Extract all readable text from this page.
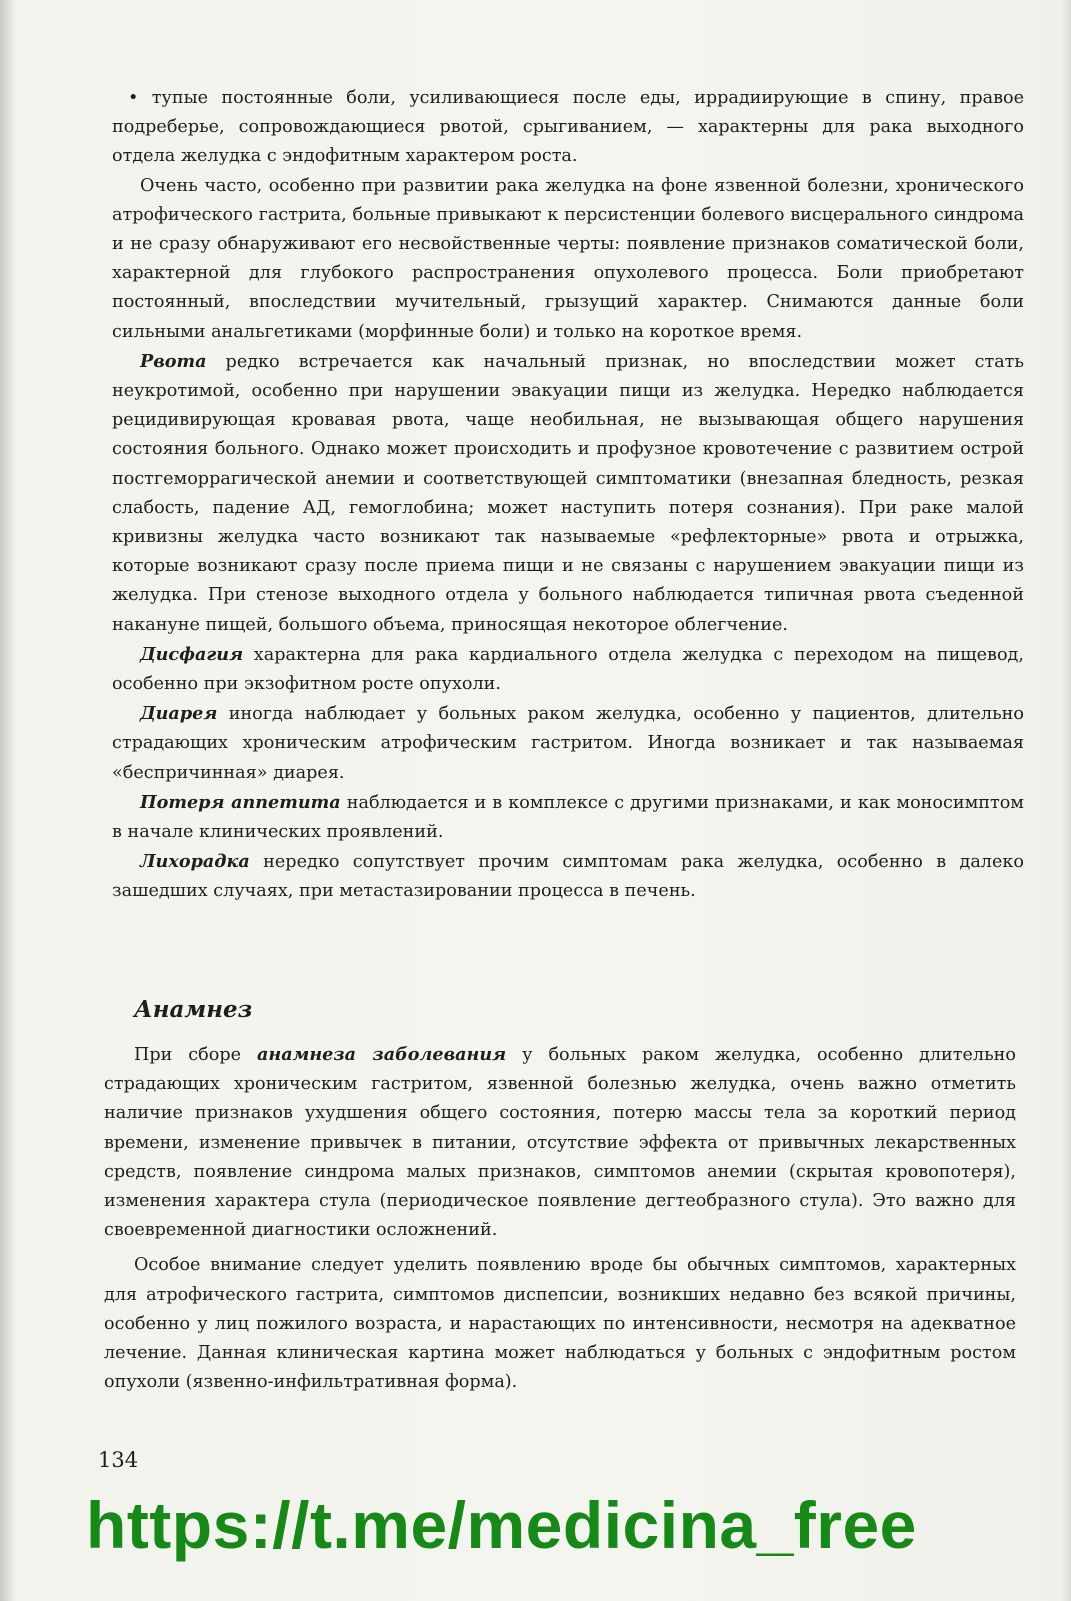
• тупые постоянные боли, усиливающиеся после еды, иррадиирующие в спину, правое подреберье, сопровождающиеся рвотой, срыгиванием, — характерны для рака выходного отдела желудка с эндофитным характером роста.

Очень часто, особенно при развитии рака желудка на фоне язвенной болезни, хронического атрофического гастрита, больные привыкают к персистенции болевого висцерального синдрома и не сразу обнаруживают его несвойственные черты: появление признаков соматической боли, характерной для глубокого распространения опухолевого процесса. Боли приобретают постоянный, впоследствии мучительный, грызущий характер. Снимаются данные боли сильными анальгетиками (морфинные боли) и только на короткое время.

Рвота редко встречается как начальный признак, но впоследствии может стать неукротимой, особенно при нарушении эвакуации пищи из желудка. Нередко наблюдается рецидивирующая кровавая рвота, чаще необильная, не вызывающая общего нарушения состояния больного. Однако может происходить и профузное кровотечение с развитием острой постгеморрагической анемии и соответствующей симптоматики (внезапная бледность, резкая слабость, падение АД, гемоглобина; может наступить потеря сознания). При раке малой кривизны желудка часто возникают так называемые «рефлекторные» рвота и отрыжка, которые возникают сразу после приема пищи и не связаны с нарушением эвакуации пищи из желудка. При стенозе выходного отдела у больного наблюдается типичная рвота съеденной накануне пищей, большого объема, приносящая некоторое облегчение.

Дисфагия характерна для рака кардиального отдела желудка с переходом на пищевод, особенно при экзофитном росте опухоли.

Диарея иногда наблюдает у больных раком желудка, особенно у пациентов, длительно страдающих хроническим атрофическим гастритом. Иногда возникает и так называемая «беспричинная» диарея.

Потеря аппетита наблюдается и в комплексе с другими признаками, и как моносимптом в начале клинических проявлений.

Лихорадка нередко сопутствует прочим симптомам рака желудка, особенно в далеко зашедших случаях, при метастазировании процесса в печень.

Анамнез

При сборе анамнеза заболевания у больных раком желудка, особенно длительно страдающих хроническим гастритом, язвенной болезнью желудка, очень важно отметить наличие признаков ухудшения общего состояния, потерю массы тела за короткий период времени, изменение привычек в питании, отсутствие эффекта от привычных лекарственных средств, появление синдрома малых признаков, симптомов анемии (скрытая кровопотеря), изменения характера стула (периодическое появление дегтеобразного стула). Это важно для своевременной диагностики осложнений.

Особое внимание следует уделить появлению вроде бы обычных симптомов, характерных для атрофического гастрита, симптомов диспепсии, возникших недавно без всякой причины, особенно у лиц пожилого возраста, и нарастающих по интенсивности, несмотря на адекватное лечение. Данная клиническая картина может наблюдаться у больных с эндофитным ростом опухоли (язвенно-инфильтративная форма).

134
https://t.me/medicina_free
